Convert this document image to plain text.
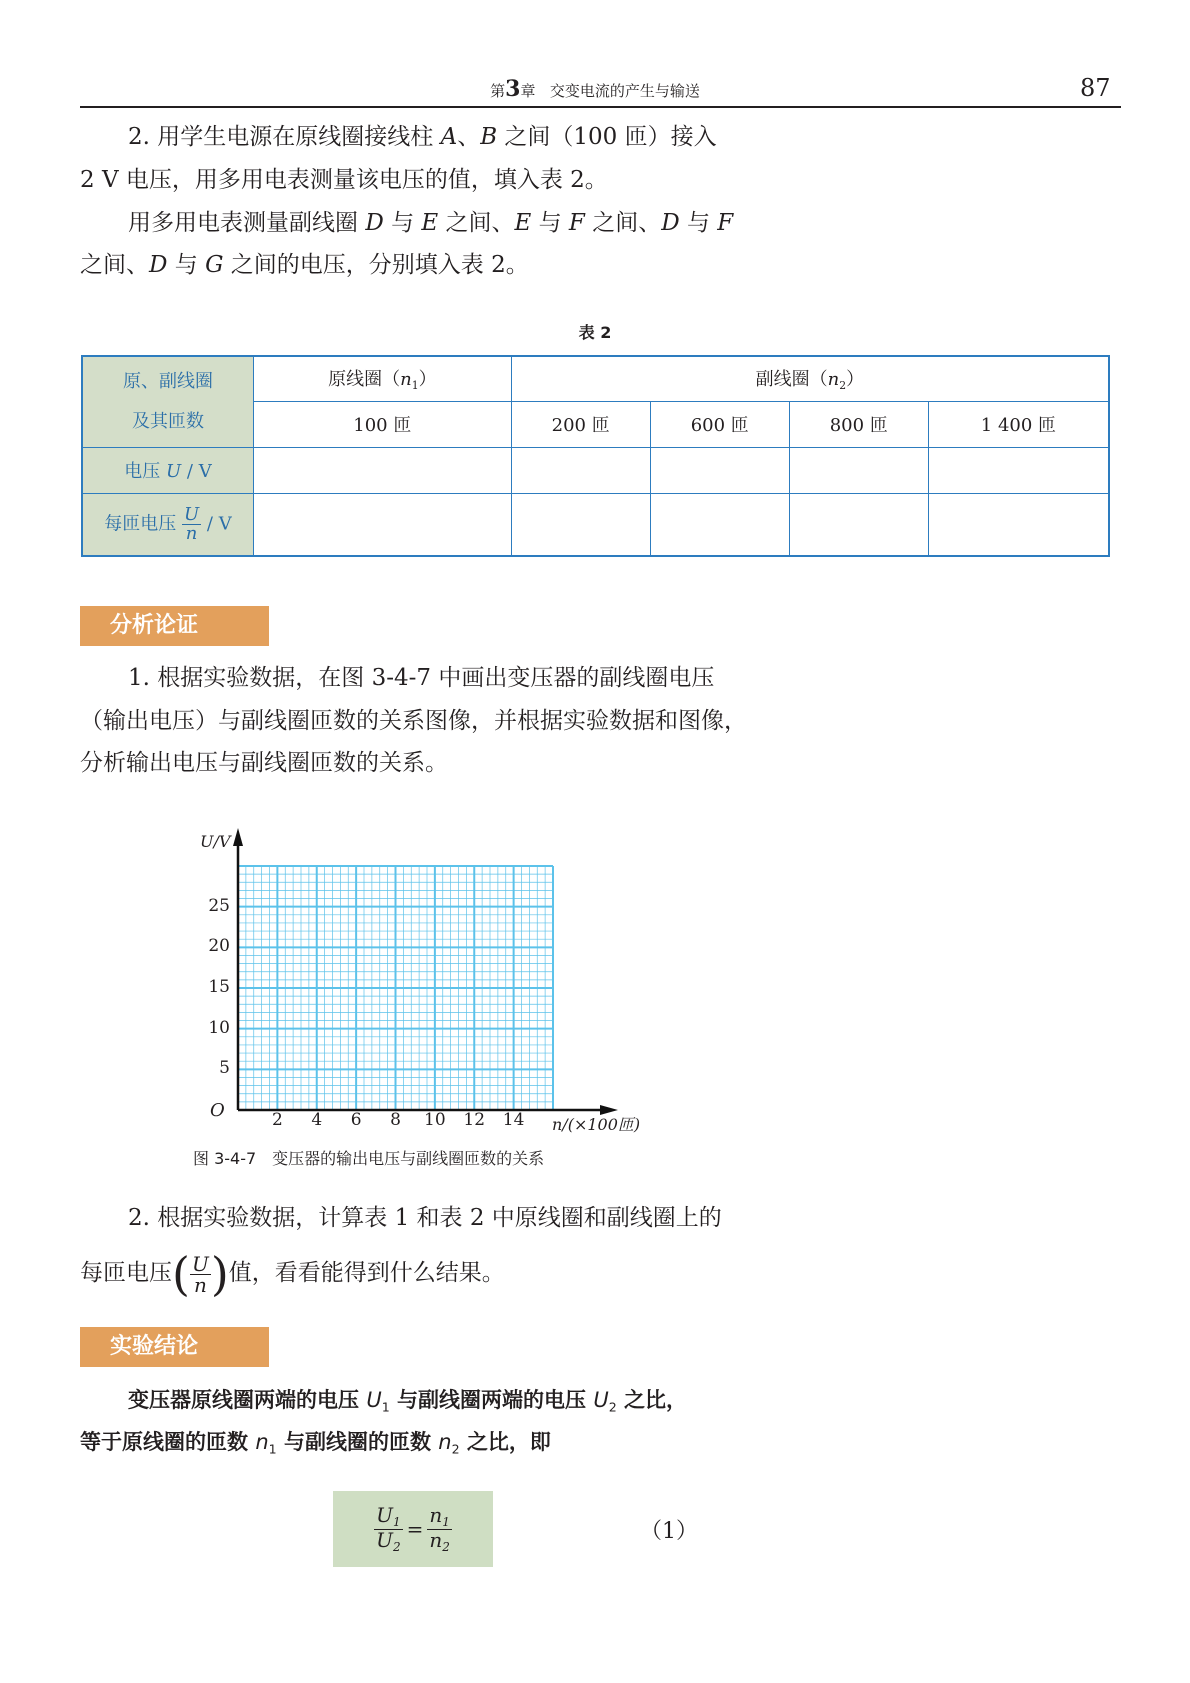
第3章 交变电流的产生与输送	87
2. 用学生电源在原线圈接线柱 A、B 之间（100 匝）接入
2 V 电压，用多用电表测量该电压的值，填入表 2。
用多用电表测量副线圈 D 与 E 之间、E 与 F 之间、D 与 F
之间、D 与 G 之间的电压，分别填入表 2。
表 2
原、副线圈
及其匝数	原线圈$(n_1)$	副线圈$(n_2)$			
	100 匝	200 匝	600 匝	800 匝	1 400 匝
电压 U / V					
每匝电压 $\frac{U}{n}$ / V					
分析论证
1. 根据实验数据，在图 3-4-7 中画出变压器的副线圈电压
（输出电压）与副线圈匝数的关系图像，并根据实验数据和图像，
分析输出电压与副线圈匝数的关系。
U/V
O
5
10
15
20
25
2	4	6	8	10	12	14	n/(×100匝)
图 3-4-7　变压器的输出电压与副线圈匝数的关系
2. 根据实验数据，计算表 1 和表 2 中原线圈和副线圈上的
每匝电压( $\frac{U}{n}$ )值，看看能得到什么结果。
实验结论
变压器原线圈两端的电压 $U_1$ 与副线圈两端的电压 $U_2$ 之比，
等于原线圈的匝数 $n_1$ 与副线圈的匝数 $n_2$ 之比，即
$\frac{U_1}{U_2} = \frac{n_1}{n_2}$	（1）
